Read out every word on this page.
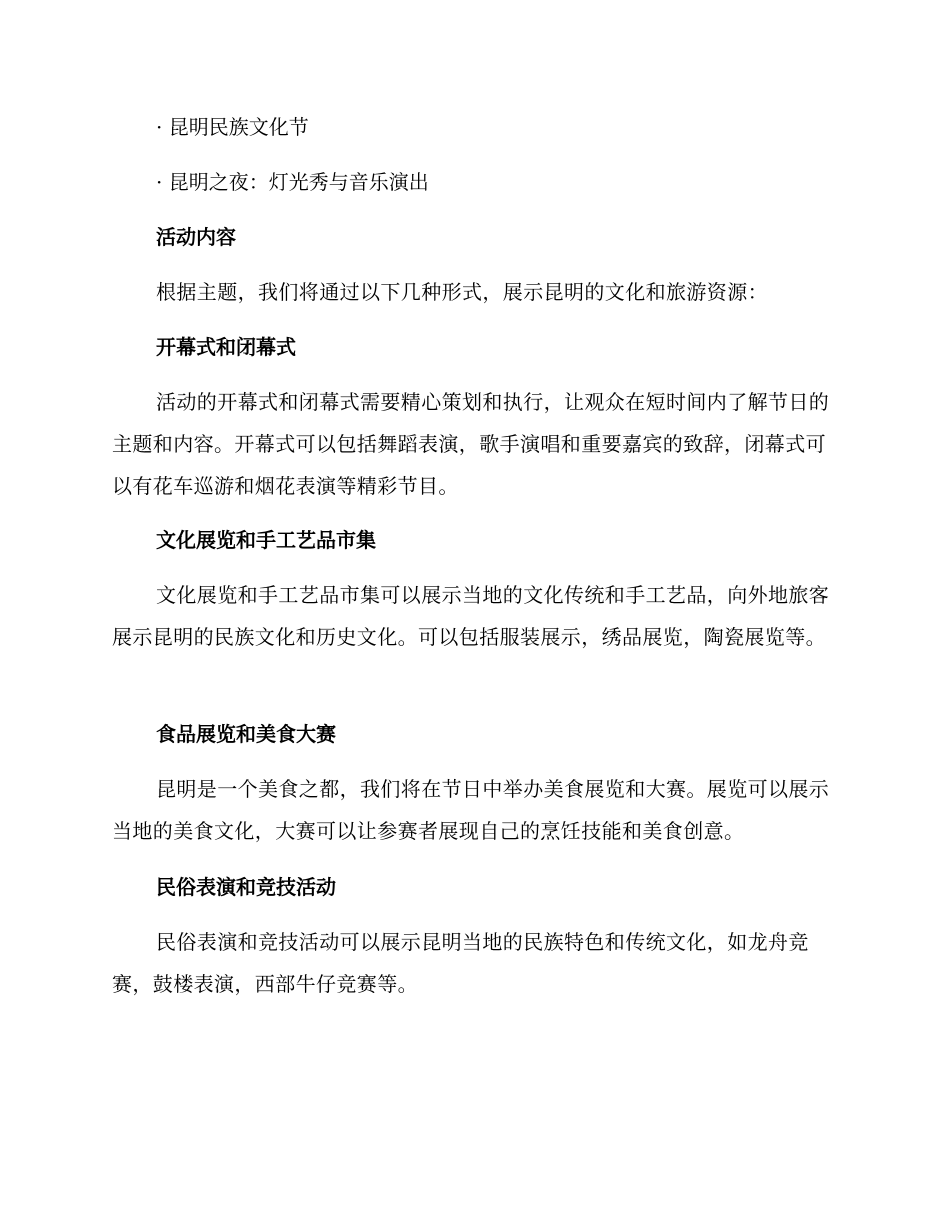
· 昆明民族文化节
· 昆明之夜：灯光秀与音乐演出
活动内容
根据主题，我们将通过以下几种形式，展示昆明的文化和旅游资源：
开幕式和闭幕式
活动的开幕式和闭幕式需要精心策划和执行，让观众在短时间内了解节日的主题和内容。开幕式可以包括舞蹈表演，歌手演唱和重要嘉宾的致辞，闭幕式可以有花车巡游和烟花表演等精彩节目。
文化展览和手工艺品市集
文化展览和手工艺品市集可以展示当地的文化传统和手工艺品，向外地旅客展示昆明的民族文化和历史文化。可以包括服装展示，绣品展览，陶瓷展览等。
食品展览和美食大赛
昆明是一个美食之都，我们将在节日中举办美食展览和大赛。展览可以展示当地的美食文化，大赛可以让参赛者展现自己的烹饪技能和美食创意。
民俗表演和竞技活动
民俗表演和竞技活动可以展示昆明当地的民族特色和传统文化，如龙舟竞赛，鼓楼表演，西部牛仔竞赛等。
